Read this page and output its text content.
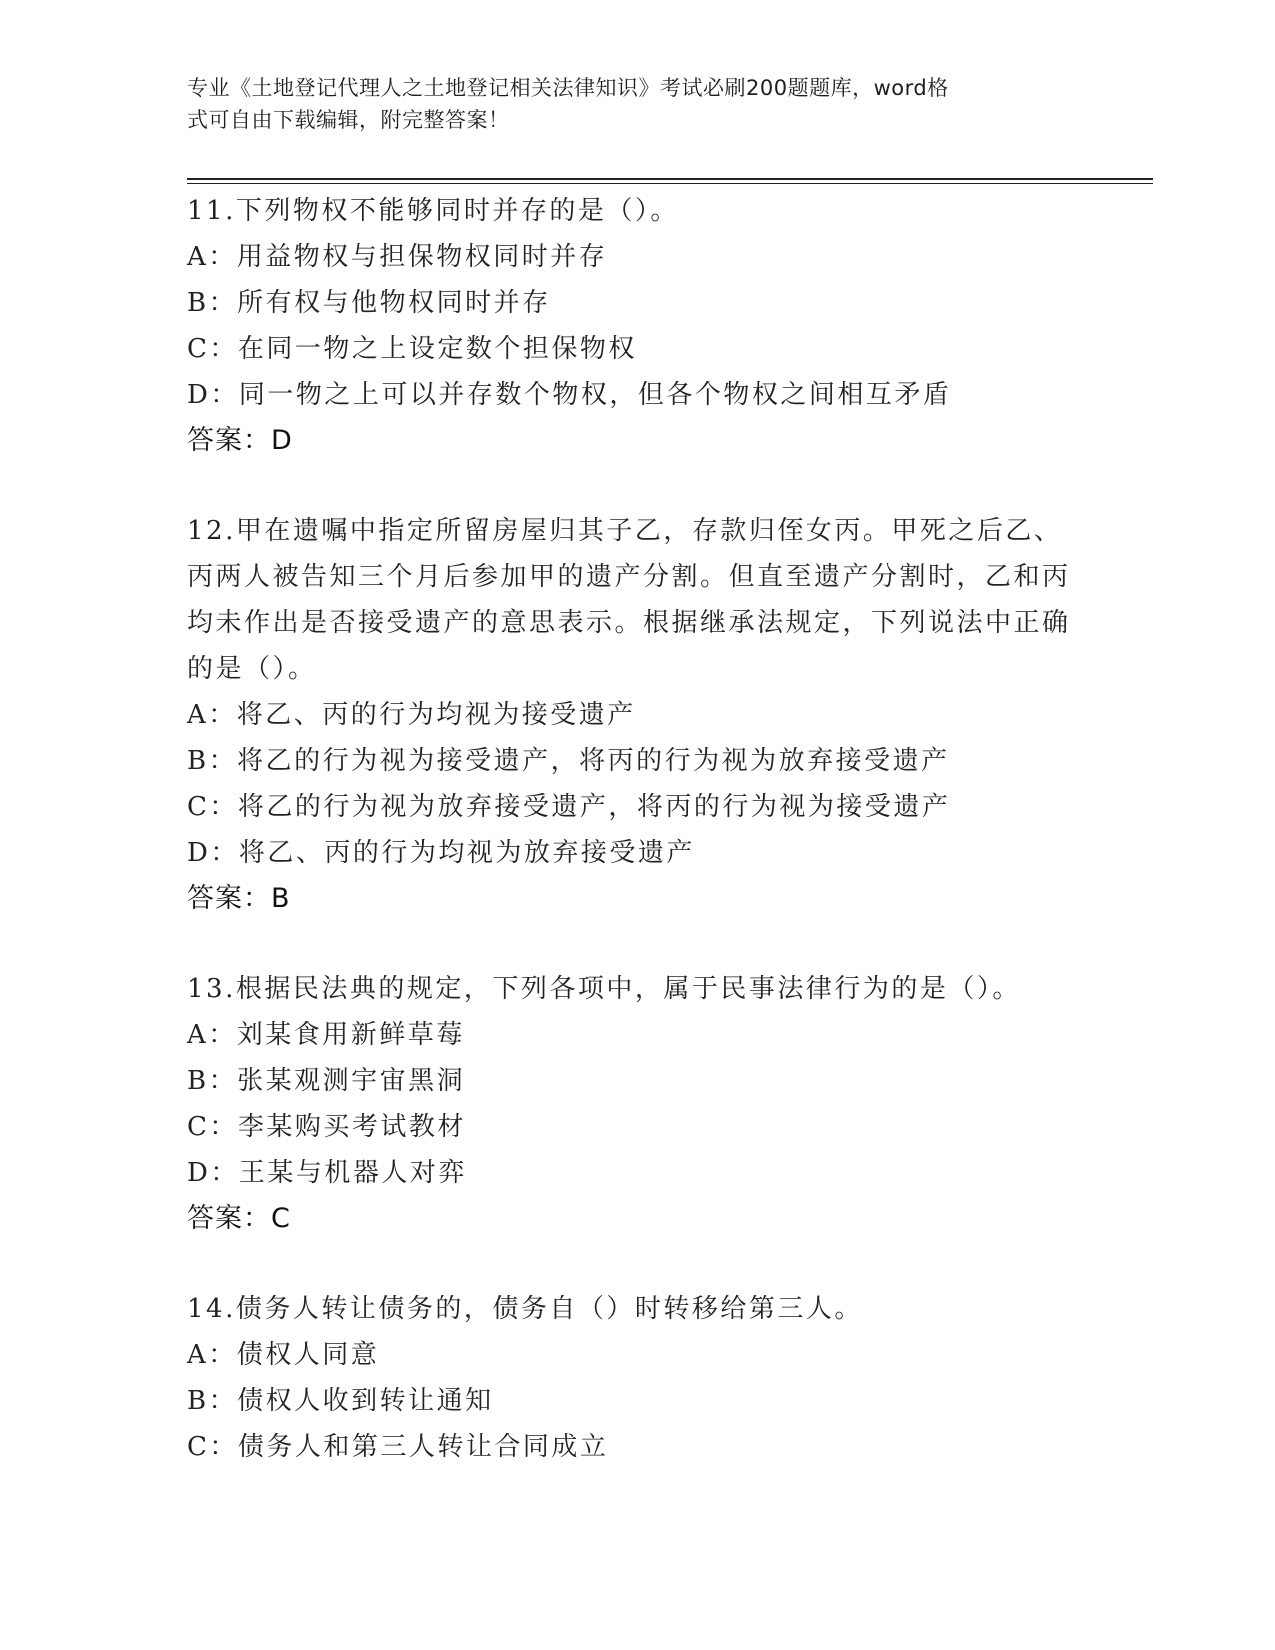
专业《土地登记代理人之土地登记相关法律知识》考试必刷200题题库，word格
式可自由下载编辑，附完整答案！
11.下列物权不能够同时并存的是（）。
A：用益物权与担保物权同时并存
B：所有权与他物权同时并存
C：在同一物之上设定数个担保物权
D：同一物之上可以并存数个物权，但各个物权之间相互矛盾
答案：D
12.甲在遗嘱中指定所留房屋归其子乙，存款归侄女丙。甲死之后乙、丙两人被告知三个月后参加甲的遗产分割。但直至遗产分割时，乙和丙均未作出是否接受遗产的意思表示。根据继承法规定，下列说法中正确的是（）。
A：将乙、丙的行为均视为接受遗产
B：将乙的行为视为接受遗产，将丙的行为视为放弃接受遗产
C：将乙的行为视为放弃接受遗产，将丙的行为视为接受遗产
D：将乙、丙的行为均视为放弃接受遗产
答案：B
13.根据民法典的规定，下列各项中，属于民事法律行为的是（）。
A：刘某食用新鲜草莓
B：张某观测宇宙黑洞
C：李某购买考试教材
D：王某与机器人对弈
答案：C
14.债务人转让债务的，债务自（）时转移给第三人。
A：债权人同意
B：债权人收到转让通知
C：债务人和第三人转让合同成立
